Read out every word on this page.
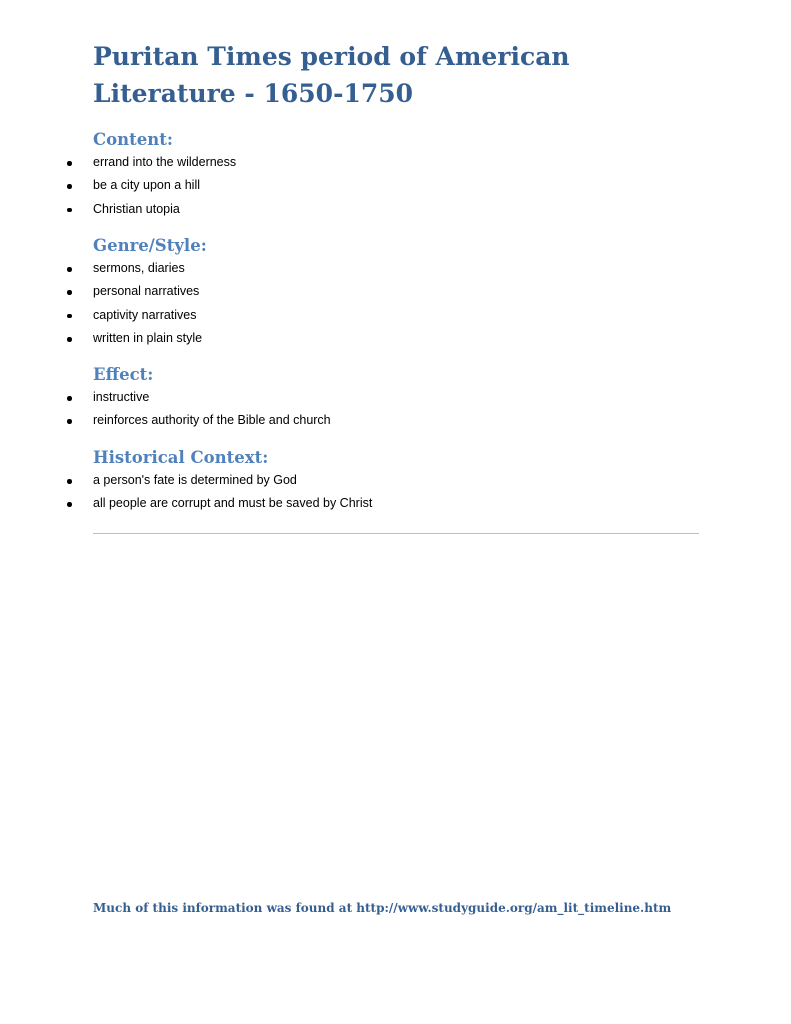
Puritan Times period of American Literature - 1650-1750
Content:
errand into the wilderness
be a city upon a hill
Christian utopia
Genre/Style:
sermons, diaries
personal narratives
captivity narratives
written in plain style
Effect:
instructive
reinforces authority of the Bible and church
Historical Context:
a person's fate is determined by God
all people are corrupt and must be saved by Christ

Much of this information was found at http://www.studyguide.org/am_lit_timeline.htm
